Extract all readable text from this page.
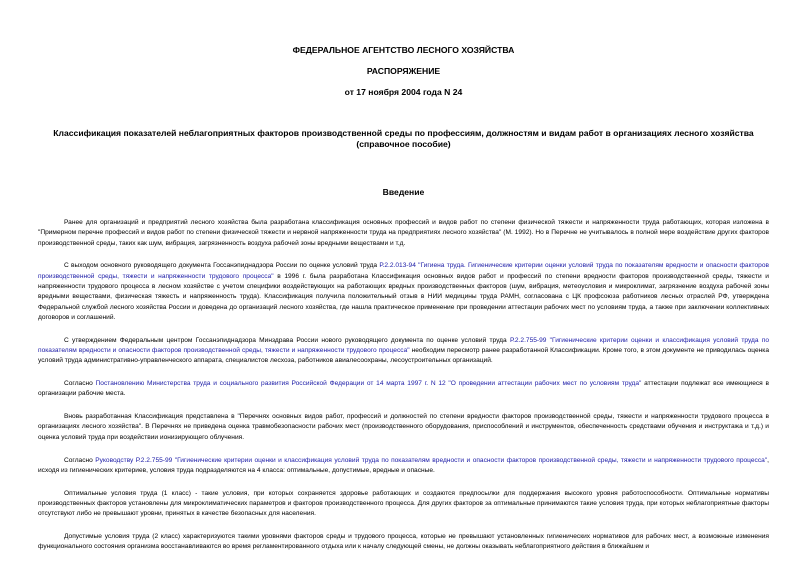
ФЕДЕРАЛЬНОЕ АГЕНТСТВО ЛЕСНОГО ХОЗЯЙСТВА
РАСПОРЯЖЕНИЕ
от 17 ноября 2004 года N 24
Классификация показателей неблагоприятных факторов производственной среды по профессиям, должностям и видам работ в организациях лесного хозяйства
(справочное пособие)
Введение

Ранее для организаций и предприятий лесного хозяйства была разработана классификация основных профессий и видов работ по степени физической тяжести и напряженности труда работающих, которая изложена в "Примерном перечне профессий и видов работ по степени физической тяжести и нервной напряженности труда на предприятиях лесного хозяйства" (М. 1992). Но в Перечне не учитывалось в полной мере воздействие других факторов производственной среды, таких как шум, вибрация, загрязненность воздуха рабочей зоны вредными веществами и т.д.

С выходом основного руководящего документа Госсанэпиднадзора России по оценке условий труда Р.2.2.013-94 "Гигиена труда. Гигиенические критерии оценки условий труда по показателям вредности и опасности факторов производственной среды, тяжести и напряженности трудового процесса" в 1996 г. была разработана Классификация основных видов работ и профессий по степени вредности факторов производственной среды, тяжести и напряженности трудового процесса в лесном хозяйстве с учетом специфики воздействующих на работающих вредных производственных факторов (шум, вибрация, метеоусловия и микроклимат, загрязнение воздуха рабочей зоны вредными веществами, физическая тяжесть и напряженность труда). Классификация получила положительный отзыв в НИИ медицины труда РАМН, согласована с ЦК профсоюза работников лесных отраслей РФ, утверждена Федеральной службой лесного хозяйства России и доведена до организаций лесного хозяйства, где нашла практическое применение при проведении аттестации рабочих мест по условиям труда, а также при заключении коллективных договоров и соглашений.

С утверждением Федеральным центром Госсанэпиднадзора Минздрава России нового руководящего документа по оценке условий труда Р.2.2.755-99 "Гигиенические критерии оценки и классификация условий труда по показателям вредности и опасности факторов производственной среды, тяжести и напряженности трудового процесса" необходим пересмотр ранее разработанной Классификации. Кроме того, в этом документе не приводилась оценка условий труда административно-управленческого аппарата, специалистов лесхоза, работников авиалесоохраны, лесоустроительных организаций.

Согласно Постановлению Министерства труда и социального развития Российской Федерации от 14 марта 1997 г. N 12 "О проведении аттестации рабочих мест по условиям труда" аттестации подлежат все имеющиеся в организации рабочие места.

Вновь разработанная Классификация представлена в "Перечнях основных видов работ, профессий и должностей по степени вредности факторов производственной среды, тяжести и напряженности трудового процесса в организациях лесного хозяйства". В Перечнях не приведена оценка травмобезопасности рабочих мест (производственного оборудования, приспособлений и инструментов, обеспеченность средствами обучения и инструктажа и т.д.) и оценка условий труда при воздействии ионизирующего облучения.

Согласно Руководству Р.2.2.755-99 "Гигиенические критерии оценки и классификация условий труда по показателям вредности и опасности факторов производственной среды, тяжести и напряженности трудового процесса", исходя из гигиенических критериев, условия труда подразделяются на 4 класса: оптимальные, допустимые, вредные и опасные.

Оптимальные условия труда (1 класс) - такие условия, при которых сохраняется здоровье работающих и создаются предпосылки для поддержания высокого уровня работоспособности. Оптимальные нормативы производственных факторов установлены для микроклиматических параметров и факторов производственного процесса. Для других факторов за оптимальные принимаются такие условия труда, при которых неблагоприятные факторы отсутствуют либо не превышают уровни, принятых в качестве безопасных для населения.

Допустимые условия труда (2 класс) характеризуются такими уровнями факторов среды и трудового процесса, которые не превышают установленных гигиенических нормативов для рабочих мест, а возможные изменения функционального состояния организма восстанавливаются во время регламентированного отдыха или к началу следующей смены, не должны оказывать неблагоприятного действия в ближайшем и
